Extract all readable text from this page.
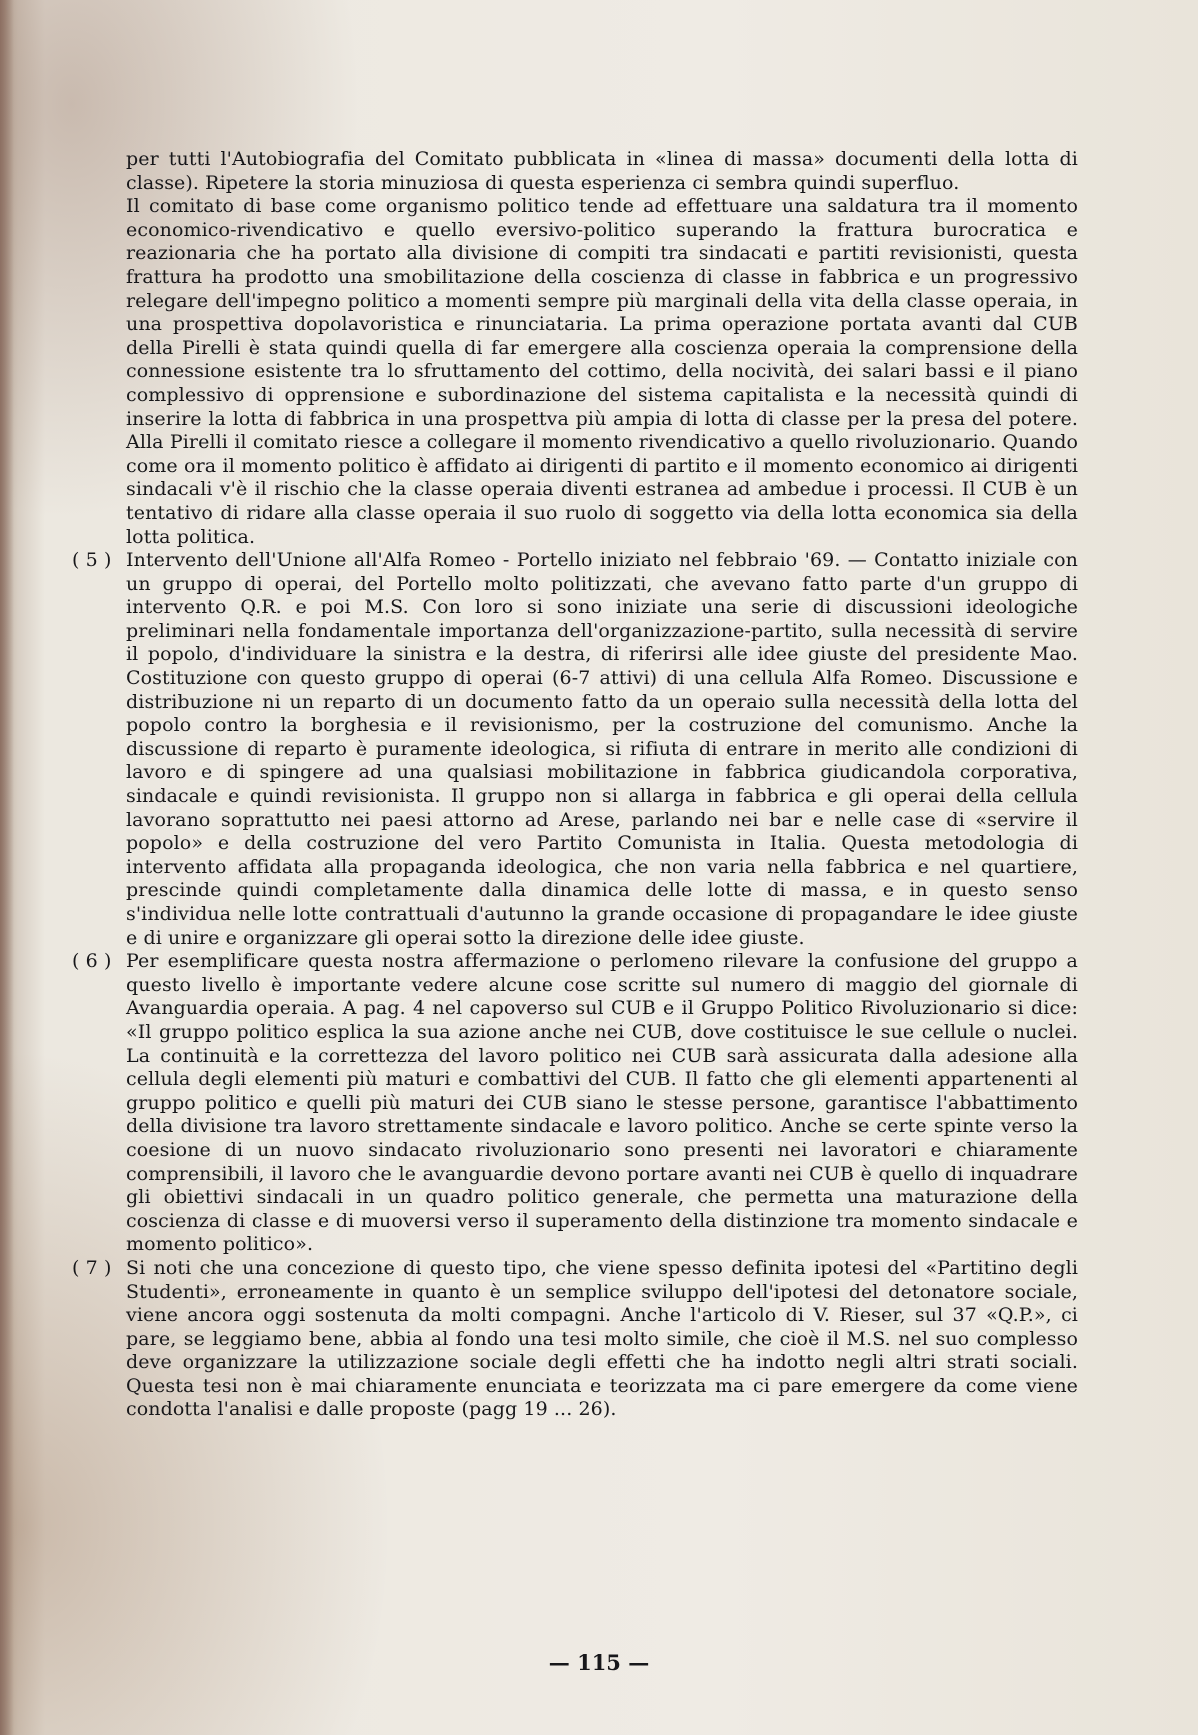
per tutti l'Autobiografia del Comitato pubblicata in «linea di massa» documenti della lotta di classe). Ripetere la storia minuziosa di questa esperienza ci sembra quindi superfluo.

Il comitato di base come organismo politico tende ad effettuare una saldatura tra il momento economico-rivendicativo e quello eversivo-politico superando la frattura burocratica e reazionaria che ha portato alla divisione di compiti tra sindacati e partiti revisionisti, questa frattura ha prodotto una smobilitazione della coscienza di classe in fabbrica e un progressivo relegare dell'impegno politico a momenti sempre più marginali della vita della classe operaia, in una prospettiva dopolavoristica e rinunciataria. La prima operazione portata avanti dal CUB della Pirelli è stata quindi quella di far emergere alla coscienza operaia la comprensione della connessione esistente tra lo sfruttamento del cottimo, della nocività, dei salari bassi e il piano complessivo di opprensione e subordinazione del sistema capitalista e la necessità quindi di inserire la lotta di fabbrica in una prospettva più ampia di lotta di classe per la presa del potere. Alla Pirelli il comitato riesce a collegare il momento rivendicativo a quello rivoluzionario. Quando come ora il momento politico è affidato ai dirigenti di partito e il momento economico ai dirigenti sindacali v'è il rischio che la classe operaia diventi estranea ad ambedue i processi. Il CUB è un tentativo di ridare alla classe operaia il suo ruolo di soggetto via della lotta economica sia della lotta politica.

( 5 ) Intervento dell'Unione all'Alfa Romeo - Portello iniziato nel febbraio '69. — Contatto iniziale con un gruppo di operai, del Portello molto politizzati, che avevano fatto parte d'un gruppo di intervento Q.R. e poi M.S. Con loro si sono iniziate una serie di discussioni ideologiche preliminari nella fondamentale importanza dell'organizzazione-partito, sulla necessità di servire il popolo, d'individuare la sinistra e la destra, di riferirsi alle idee giuste del presidente Mao. Costituzione con questo gruppo di operai (6-7 attivi) di una cellula Alfa Romeo. Discussione e distribuzione ni un reparto di un documento fatto da un operaio sulla necessità della lotta del popolo contro la borghesia e il revisionismo, per la costruzione del comunismo. Anche la discussione di reparto è puramente ideologica, si rifiuta di entrare in merito alle condizioni di lavoro e di spingere ad una qualsiasi mobilitazione in fabbrica giudicandola corporativa, sindacale e quindi revisionista. Il gruppo non si allarga in fabbrica e gli operai della cellula lavorano soprattutto nei paesi attorno ad Arese, parlando nei bar e nelle case di «servire il popolo» e della costruzione del vero Partito Comunista in Italia. Questa metodologia di intervento affidata alla propaganda ideologica, che non varia nella fabbrica e nel quartiere, prescinde quindi completamente dalla dinamica delle lotte di massa, e in questo senso s'individua nelle lotte contrattuali d'autunno la grande occasione di propagandare le idee giuste e di unire e organizzare gli operai sotto la direzione delle idee giuste.
( 6 ) Per esemplificare questa nostra affermazione o perlomeno rilevare la confusione del gruppo a questo livello è importante vedere alcune cose scritte sul numero di maggio del giornale di Avanguardia operaia. A pag. 4 nel capoverso sul CUB e il Gruppo Politico Rivoluzionario si dice: «Il gruppo politico esplica la sua azione anche nei CUB, dove costituisce le sue cellule o nuclei. La continuità e la correttezza del lavoro politico nei CUB sarà assicurata dalla adesione alla cellula degli elementi più maturi e combattivi del CUB. Il fatto che gli elementi appartenenti al gruppo politico e quelli più maturi dei CUB siano le stesse persone, garantisce l'abbattimento della divisione tra lavoro strettamente sindacale e lavoro politico. Anche se certe spinte verso la coesione di un nuovo sindacato rivoluzionario sono presenti nei lavoratori e chiaramente comprensibili, il lavoro che le avanguardie devono portare avanti nei CUB è quello di inquadrare gli obiettivi sindacali in un quadro politico generale, che permetta una maturazione della coscienza di classe e di muoversi verso il superamento della distinzione tra momento sindacale e momento politico».
( 7 ) Si noti che una concezione di questo tipo, che viene spesso definita ipotesi del «Partitino degli Studenti», erroneamente in quanto è un semplice sviluppo dell'ipotesi del detonatore sociale, viene ancora oggi sostenuta da molti compagni. Anche l'articolo di V. Rieser, sul 37 «Q.P.», ci pare, se leggiamo bene, abbia al fondo una tesi molto simile, che cioè il M.S. nel suo complesso deve organizzare la utilizzazione sociale degli effetti che ha indotto negli altri strati sociali. Questa tesi non è mai chiaramente enunciata e teorizzata ma ci pare emergere da come viene condotta l'analisi e dalle proposte (pagg 19 ... 26).
— 115 —
